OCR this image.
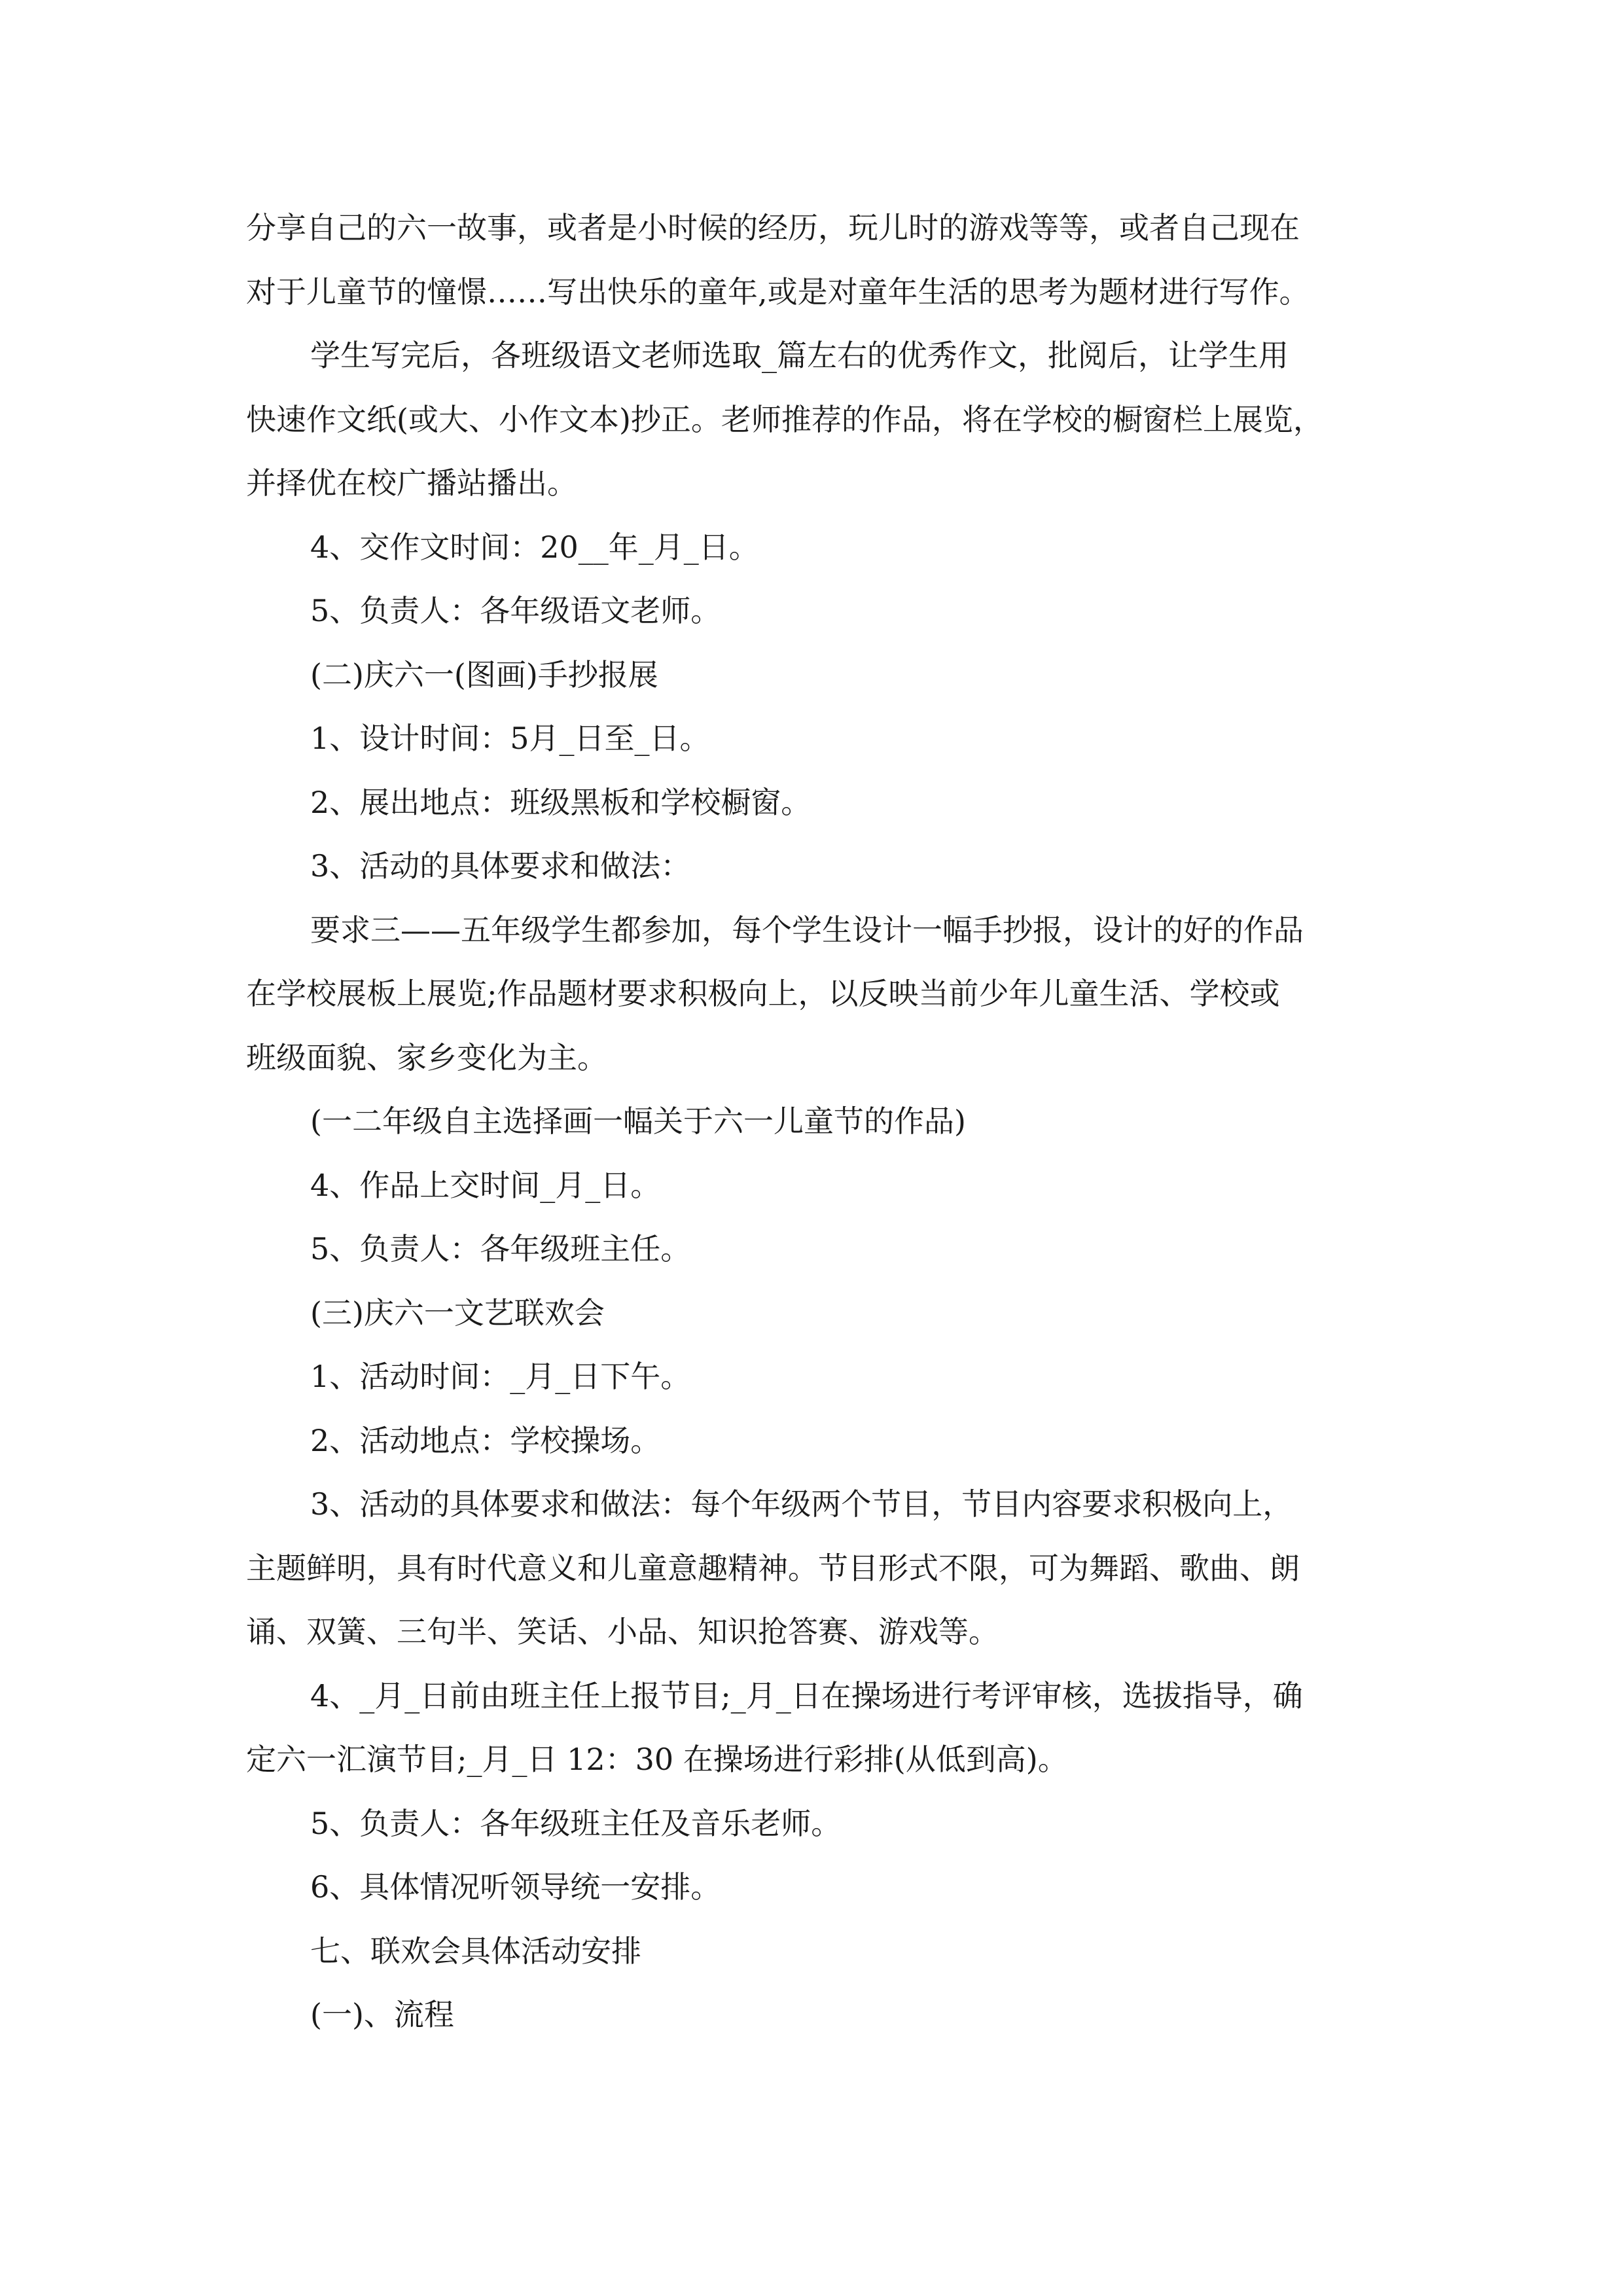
分享自己的六一故事，或者是小时候的经历，玩儿时的游戏等等，或者自己现在
对于儿童节的憧憬……写出快乐的童年,或是对童年生活的思考为题材进行写作。
学生写完后，各班级语文老师选取_篇左右的优秀作文，批阅后，让学生用
快速作文纸(或大、小作文本)抄正。老师推荐的作品，将在学校的橱窗栏上展览，
并择优在校广播站播出。
4、交作文时间：20__年_月_日。
5、负责人：各年级语文老师。
(二)庆六一(图画)手抄报展
1、设计时间：5月_日至_日。
2、展出地点：班级黑板和学校橱窗。
3、活动的具体要求和做法：
要求三——五年级学生都参加，每个学生设计一幅手抄报，设计的好的作品
在学校展板上展览;作品题材要求积极向上，以反映当前少年儿童生活、学校或
班级面貌、家乡变化为主。
(一二年级自主选择画一幅关于六一儿童节的作品)
4、作品上交时间_月_日。
5、负责人：各年级班主任。
(三)庆六一文艺联欢会
1、活动时间：_月_日下午。
2、活动地点：学校操场。
3、活动的具体要求和做法：每个年级两个节目，节目内容要求积极向上，
主题鲜明，具有时代意义和儿童意趣精神。节目形式不限，可为舞蹈、歌曲、朗
诵、双簧、三句半、笑话、小品、知识抢答赛、游戏等。
4、_月_日前由班主任上报节目;_月_日在操场进行考评审核，选拔指导，确
定六一汇演节目;_月_日 12：30 在操场进行彩排(从低到高)。
5、负责人：各年级班主任及音乐老师。
6、具体情况听领导统一安排。
七、联欢会具体活动安排
(一)、流程
